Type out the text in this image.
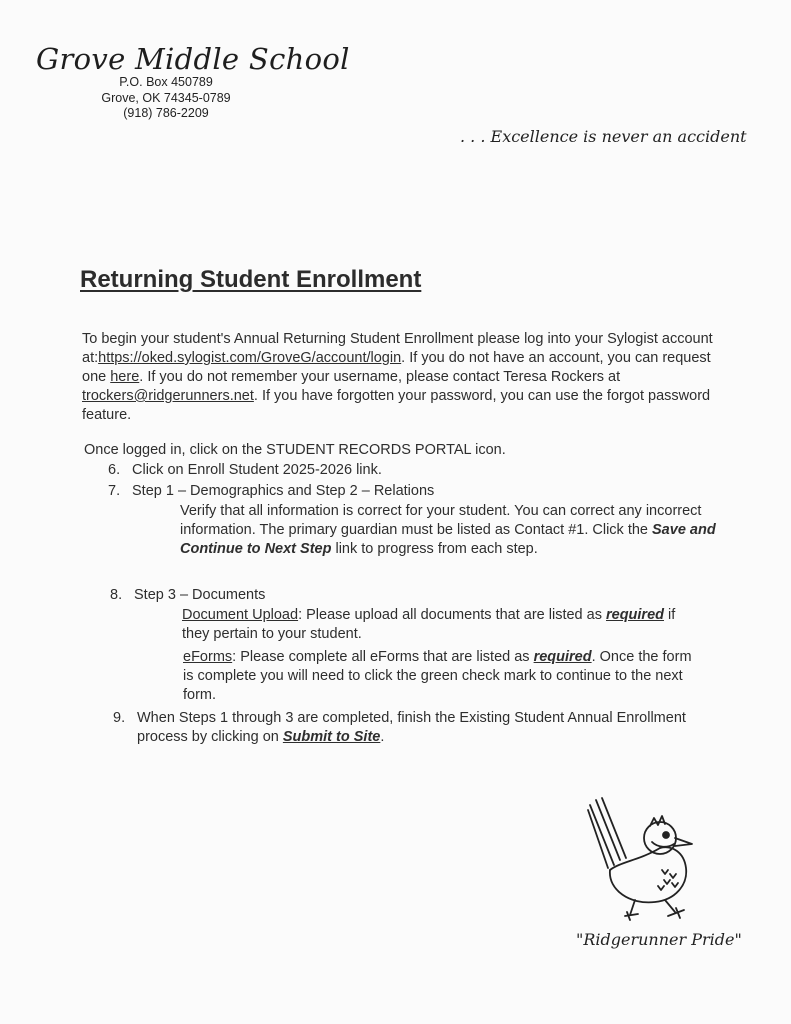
Grove Middle School
P.O. Box 450789
Grove, OK 74345-0789
(918) 786-2209
. . . Excellence is never an accident
Returning Student Enrollment
To begin your student's Annual Returning Student Enrollment please log into your Sylogist account at:https://oked.sylogist.com/GroveG/account/login. If you do not have an account, you can request one here. If you do not remember your username, please contact Teresa Rockers at trockers@ridgerunners.net. If you have forgotten your password, you can use the forgot password feature.
Once logged in, click on the STUDENT RECORDS PORTAL icon.
6. Click on Enroll Student 2025-2026 link.
7. Step 1 – Demographics and Step 2 – Relations
Verify that all information is correct for your student. You can correct any incorrect information. The primary guardian must be listed as Contact #1. Click the Save and Continue to Next Step link to progress from each step.
8. Step 3 – Documents
Document Upload: Please upload all documents that are listed as required if they pertain to your student.
eForms: Please complete all eForms that are listed as required. Once the form is complete you will need to click the green check mark to continue to the next form.
9. When Steps 1 through 3 are completed, finish the Existing Student Annual Enrollment process by clicking on Submit to Site.
"Ridgerunner Pride"
